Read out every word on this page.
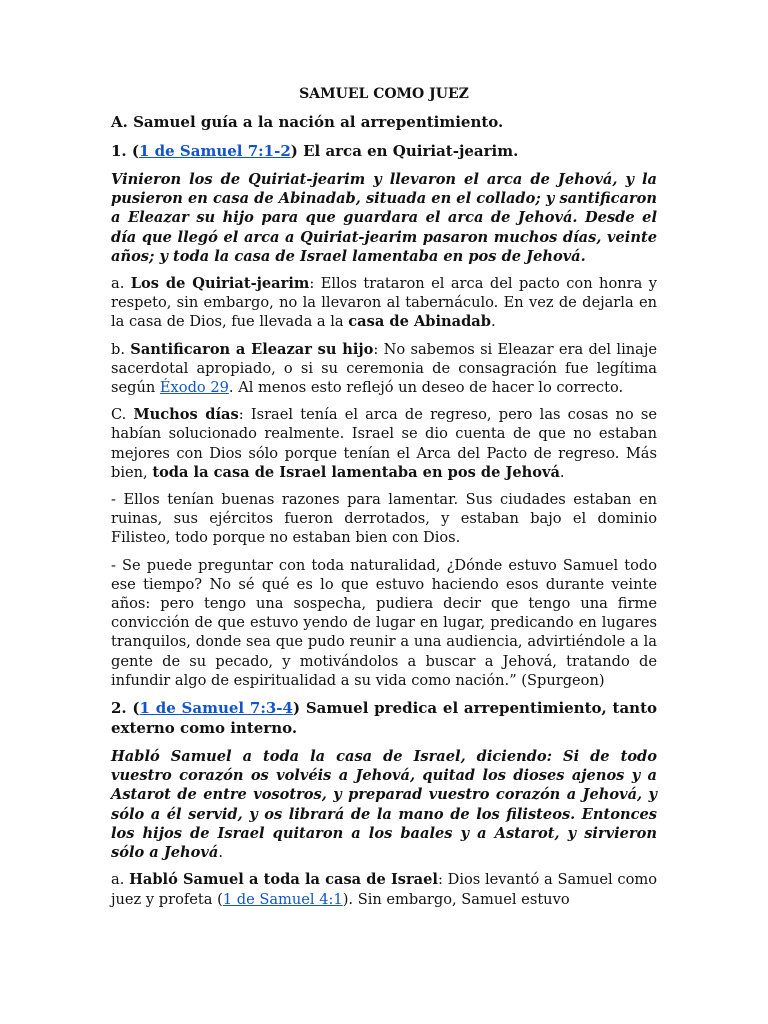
SAMUEL COMO JUEZ

A. Samuel guía a la nación al arrepentimiento.

1. (1 de Samuel 7:1-2) El arca en Quiriat-jearim.

Vinieron los de Quiriat-jearim y llevaron el arca de Jehová, y la pusieron en casa de Abinadab, situada en el collado; y santificaron a Eleazar su hijo para que guardara el arca de Jehová. Desde el día que llegó el arca a Quiriat-jearim pasaron muchos días, veinte años; y toda la casa de Israel lamentaba en pos de Jehová.

a. Los de Quiriat-jearim: Ellos trataron el arca del pacto con honra y respeto, sin embargo, no la llevaron al tabernáculo. En vez de dejarla en la casa de Dios, fue llevada a la casa de Abinadab.

b. Santificaron a Eleazar su hijo: No sabemos si Eleazar era del linaje sacerdotal apropiado, o si su ceremonia de consagración fue legítima según Éxodo 29. Al menos esto reflejó un deseo de hacer lo correcto.

C. Muchos días: Israel tenía el arca de regreso, pero las cosas no se habían solucionado realmente. Israel se dio cuenta de que no estaban mejores con Dios sólo porque tenían el Arca del Pacto de regreso. Más bien, toda la casa de Israel lamentaba en pos de Jehová.

- Ellos tenían buenas razones para lamentar. Sus ciudades estaban en ruinas, sus ejércitos fueron derrotados, y estaban bajo el dominio Filisteo, todo porque no estaban bien con Dios.

- Se puede preguntar con toda naturalidad, ¿Dónde estuvo Samuel todo ese tiempo? No sé qué es lo que estuvo haciendo esos durante veinte años: pero tengo una sospecha, pudiera decir que tengo una firme convicción de que estuvo yendo de lugar en lugar, predicando en lugares tranquilos, donde sea que pudo reunir a una audiencia, advirtiéndole a la gente de su pecado, y motivándolos a buscar a Jehová, tratando de infundir algo de espiritualidad a su vida como nación.” (Spurgeon)

2. (1 de Samuel 7:3-4) Samuel predica el arrepentimiento, tanto externo como interno.

Habló Samuel a toda la casa de Israel, diciendo: Si de todo vuestro corazón os volvéis a Jehová, quitad los dioses ajenos y a Astarot de entre vosotros, y preparad vuestro corazón a Jehová, y sólo a él servid, y os librará de la mano de los filisteos. Entonces los hijos de Israel quitaron a los baales y a Astarot, y sirvieron sólo a Jehová.

a. Habló Samuel a toda la casa de Israel: Dios levantó a Samuel como juez y profeta (1 de Samuel 4:1). Sin embargo, Samuel estuvo
